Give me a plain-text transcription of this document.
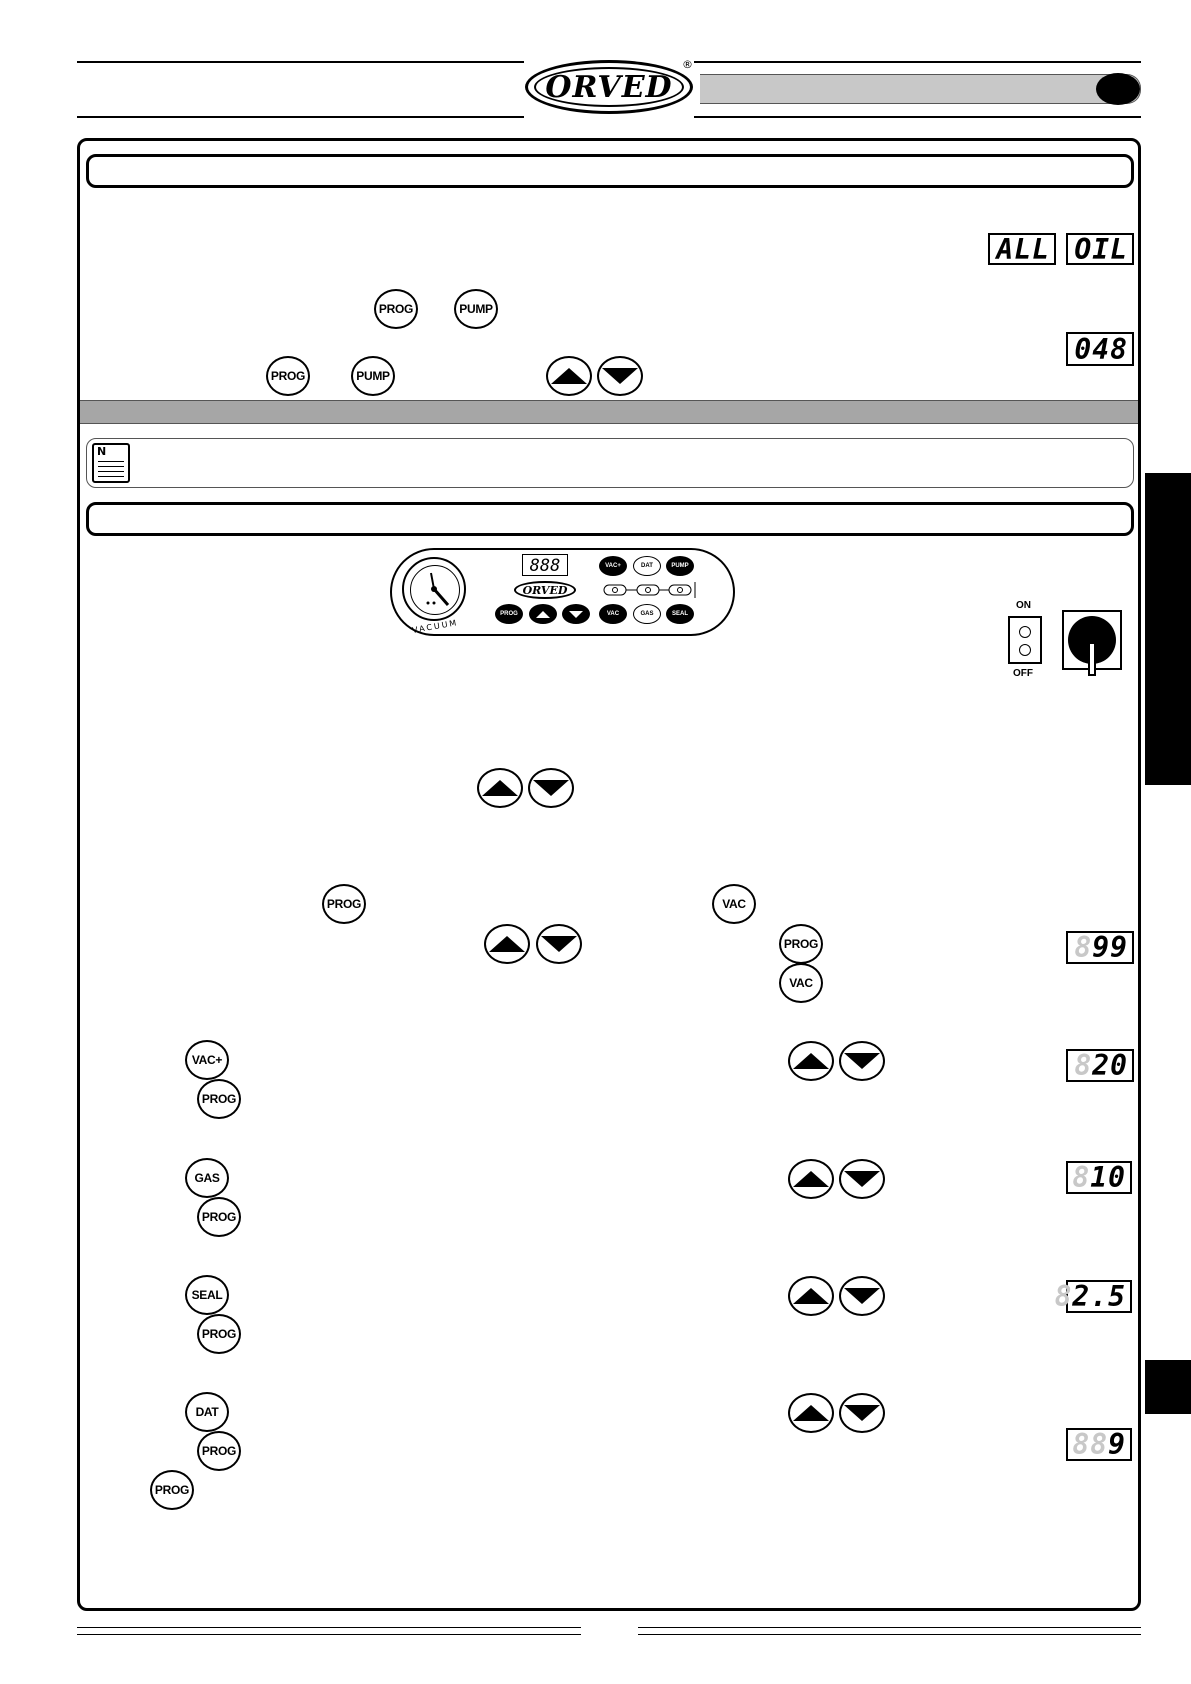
ORVED
®
ALL OIL
PROG	PUMP
048
PROG	PUMP
N
VACUUM
888
ORVED
VAC+	DAT	PUMP
PROG	VAC	GAS	SEAL
ON
OFF
PROG	VAC
PROG
VAC
8 99
VAC+
PROG
8 20
GAS
PROG
8 10
SEAL
PROG
8 2.5
DAT
PROG
PROG
88 9
